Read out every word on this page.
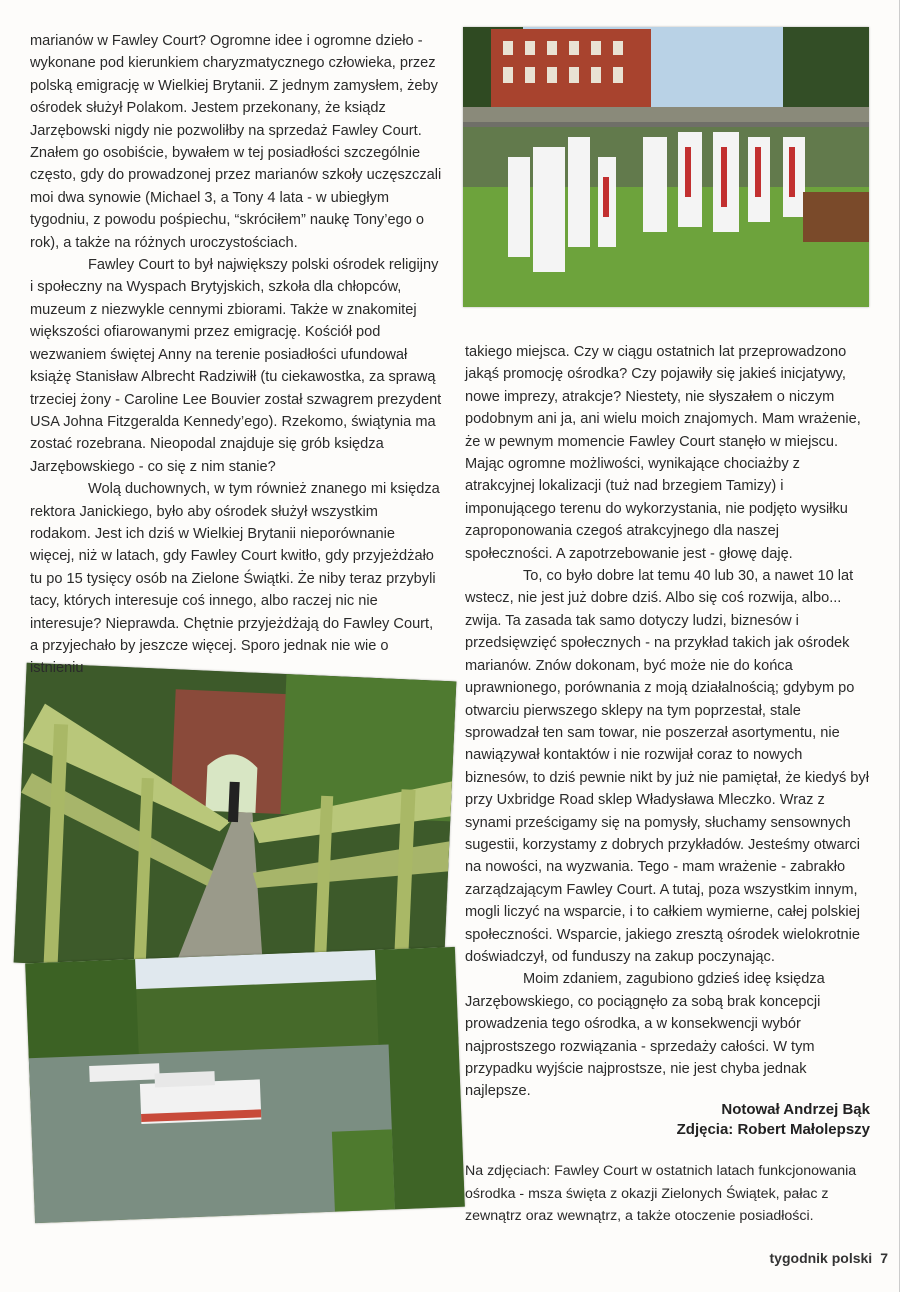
marianów w Fawley Court? Ogromne idee i ogromne dzieło - wykonane pod kierunkiem charyzmatycznego człowieka, przez polską emigrację w Wielkiej Brytanii. Z jednym zamysłem, żeby ośrodek służył Polakom. Jestem przekonany, że ksiądz Jarzębowski nigdy nie pozwoliłby na sprzedaż Fawley Court. Znałem go osobiście, bywałem w tej posiadłości szczególnie często, gdy do prowadzonej przez marianów szkoły uczęszczali moi dwa synowie (Michael 3, a Tony 4 lata - w ubiegłym tygodniu, z powodu pośpiechu, “skróciłem” naukę Tony’ego o rok), a także na różnych uroczystościach.

Fawley Court to był największy polski ośrodek religijny i społeczny na Wyspach Brytyjskich, szkoła dla chłopców, muzeum z niezwykle cennymi zbiorami. Także w znakomitej większości ofiarowanymi przez emigrację. Kościół pod wezwaniem świętej Anny na terenie posiadłości ufundował książę Stanisław Albrecht Radziwiłł (tu ciekawostka, za sprawą trzeciej żony - Caroline Lee Bouvier został szwagrem prezydent USA Johna Fitzgeralda Kennedy’ego). Rzekomo, świątynia ma zostać rozebrana. Nieopodal znajduje się grób księdza Jarzębowskiego - co się z nim stanie?

Wolą duchownych, w tym również znanego mi księdza rektora Janickiego, było aby ośrodek służył wszystkim rodakom. Jest ich dziś w Wielkiej Brytanii nieporównanie więcej, niż w latach, gdy Fawley Court kwitło, gdy przyjeżdżało tu po 15 tysięcy osób na Zielone Świątki. Że niby teraz przybyli tacy, których interesuje coś innego, albo raczej nic nie interesuje? Nieprawda. Chętnie przyjeżdżają do Fawley Court, a przyjechało by jeszcze więcej. Sporo jednak nie wie o istnieniu

takiego miejsca. Czy w ciągu ostatnich lat przeprowadzono jakąś promocję ośrodka? Czy pojawiły się jakieś inicjatywy, nowe imprezy, atrakcje? Niestety, nie słyszałem o niczym podobnym ani ja, ani wielu moich znajomych. Mam wrażenie, że w pewnym momencie Fawley Court stanęło w miejscu. Mając ogromne możliwości, wynikające chociażby z atrakcyjnej lokalizacji (tuż nad brzegiem Tamizy) i imponującego terenu do wykorzystania, nie podjęto wysiłku zaproponowania czegoś atrakcyjnego dla naszej społeczności. A zapotrzebowanie jest - głowę daję.

To, co było dobre lat temu 40 lub 30, a nawet 10 lat wstecz, nie jest już dobre dziś. Albo się coś rozwija, albo... zwija. Ta zasada tak samo dotyczy ludzi, biznesów i przedsięwzięć społecznych - na przykład takich jak ośrodek marianów. Znów dokonam, być może nie do końca uprawnionego, porównania z moją działalnością; gdybym po otwarciu pierwszego sklepy na tym poprzestał, stale sprowadzał ten sam towar, nie poszerzał asortymentu, nie nawiązywał kontaktów i nie rozwijał coraz to nowych biznesów, to dziś pewnie nikt by już nie pamiętał, że kiedyś był przy Uxbridge Road sklep Władysława Mleczko. Wraz z synami prześcigamy się na pomysły, słuchamy sensownych sugestii, korzystamy z dobrych przykładów. Jesteśmy otwarci na nowości, na wyzwania. Tego - mam wrażenie - zabrakło zarządzającym Fawley Court. A tutaj, poza wszystkim innym, mogli liczyć na wsparcie, i to całkiem wymierne, całej polskiej społeczności. Wsparcie, jakiego zresztą ośrodek wielokrotnie doświadczył, od funduszy na zakup poczynając.

Moim zdaniem, zagubiono gdzieś ideę księdza Jarzębowskiego, co pociągnęło za sobą brak koncepcji prowadzenia tego ośrodka, a w konsekwencji wybór najprostszego rozwiązania - sprzedaży całości. W tym przypadku wyjście najprostsze, nie jest chyba jednak najlepsze.

Notował Andrzej Bąk
Zdjęcia: Robert Małolepszy
Na zdjęciach: Fawley Court w ostatnich latach funkcjonowania ośrodka - msza święta z okazji Zielonych Świątek, pałac z zewnątrz oraz wewnątrz, a także otoczenie posiadłości.
tygodnik polski 7
